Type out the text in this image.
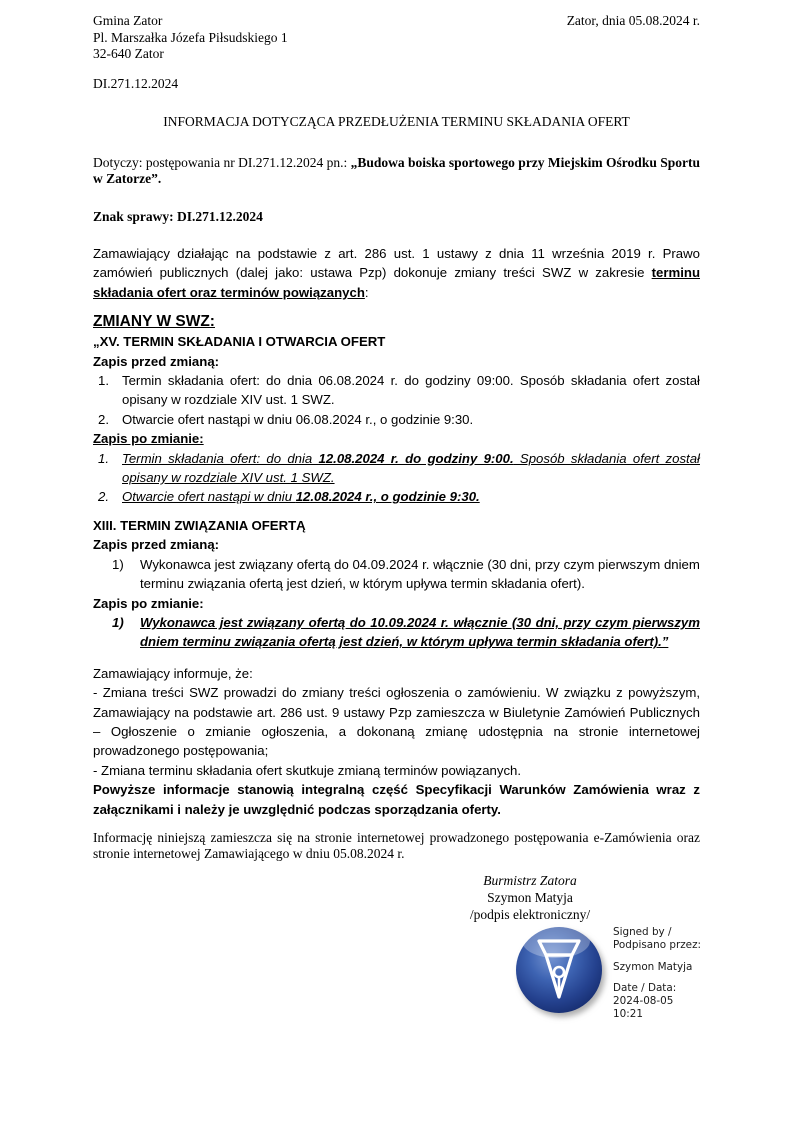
Gmina Zator
Pl. Marszałka Józefa Piłsudskiego 1
32-640 Zator
Zator, dnia 05.08.2024 r.
DI.271.12.2024
INFORMACJA DOTYCZĄCA PRZEDŁUŻENIA TERMINU SKŁADANIA OFERT
Dotyczy: postępowania nr DI.271.12.2024 pn.: „Budowa boiska sportowego przy Miejskim Ośrodku Sportu w Zatorze”.
Znak sprawy: DI.271.12.2024
Zamawiający działając na podstawie z art. 286 ust. 1 ustawy z dnia 11 września 2019 r. Prawo zamówień publicznych (dalej jako: ustawa Pzp) dokonuje zmiany treści SWZ w zakresie terminu składania ofert oraz terminów powiązanych:
ZMIANY W SWZ:
„XV. TERMIN SKŁADANIA I OTWARCIA OFERT
Zapis przed zmianą:
1. Termin składania ofert: do dnia 06.08.2024 r. do godziny 09:00. Sposób składania ofert został opisany w rozdziale XIV ust. 1 SWZ.
2. Otwarcie ofert nastąpi w dniu 06.08.2024 r., o godzinie 9:30.
Zapis po zmianie:
1. Termin składania ofert: do dnia 12.08.2024 r. do godziny 9:00. Sposób składania ofert został opisany w rozdziale XIV ust. 1 SWZ.
2. Otwarcie ofert nastąpi w dniu 12.08.2024 r., o godzinie 9:30.
XIII. TERMIN ZWIĄZANIA OFERTĄ
Zapis przed zmianą:
1) Wykonawca jest związany ofertą do 04.09.2024 r. włącznie (30 dni, przy czym pierwszym dniem terminu związania ofertą jest dzień, w którym upływa termin składania ofert).
Zapis po zmianie:
1) Wykonawca jest związany ofertą do 10.09.2024 r. włącznie (30 dni, przy czym pierwszym dniem terminu związania ofertą jest dzień, w którym upływa termin składania ofert).”
Zamawiający informuje, że:
- Zmiana treści SWZ prowadzi do zmiany treści ogłoszenia o zamówieniu. W związku z powyższym, Zamawiający na podstawie art. 286 ust. 9 ustawy Pzp zamieszcza w Biuletynie Zamówień Publicznych – Ogłoszenie o zmianie ogłoszenia, a dokonaną zmianę udostępnia na stronie internetowej prowadzonego postępowania;
- Zmiana terminu składania ofert skutkuje zmianą terminów powiązanych.
Powyższe informacje stanowią integralną część Specyfikacji Warunków Zamówienia wraz z załącznikami i należy je uwzględnić podczas sporządzania oferty.
Informację niniejszą zamieszcza się na stronie internetowej prowadzonego postępowania e-Zamówienia oraz stronie internetowej Zamawiającego w dniu 05.08.2024 r.
Burmistrz Zatora
Szymon Matyja
/podpis elektroniczny/
Signed by /
Podpisano przez:
Szymon Matyja
Date / Data:
2024-08-05
10:21
